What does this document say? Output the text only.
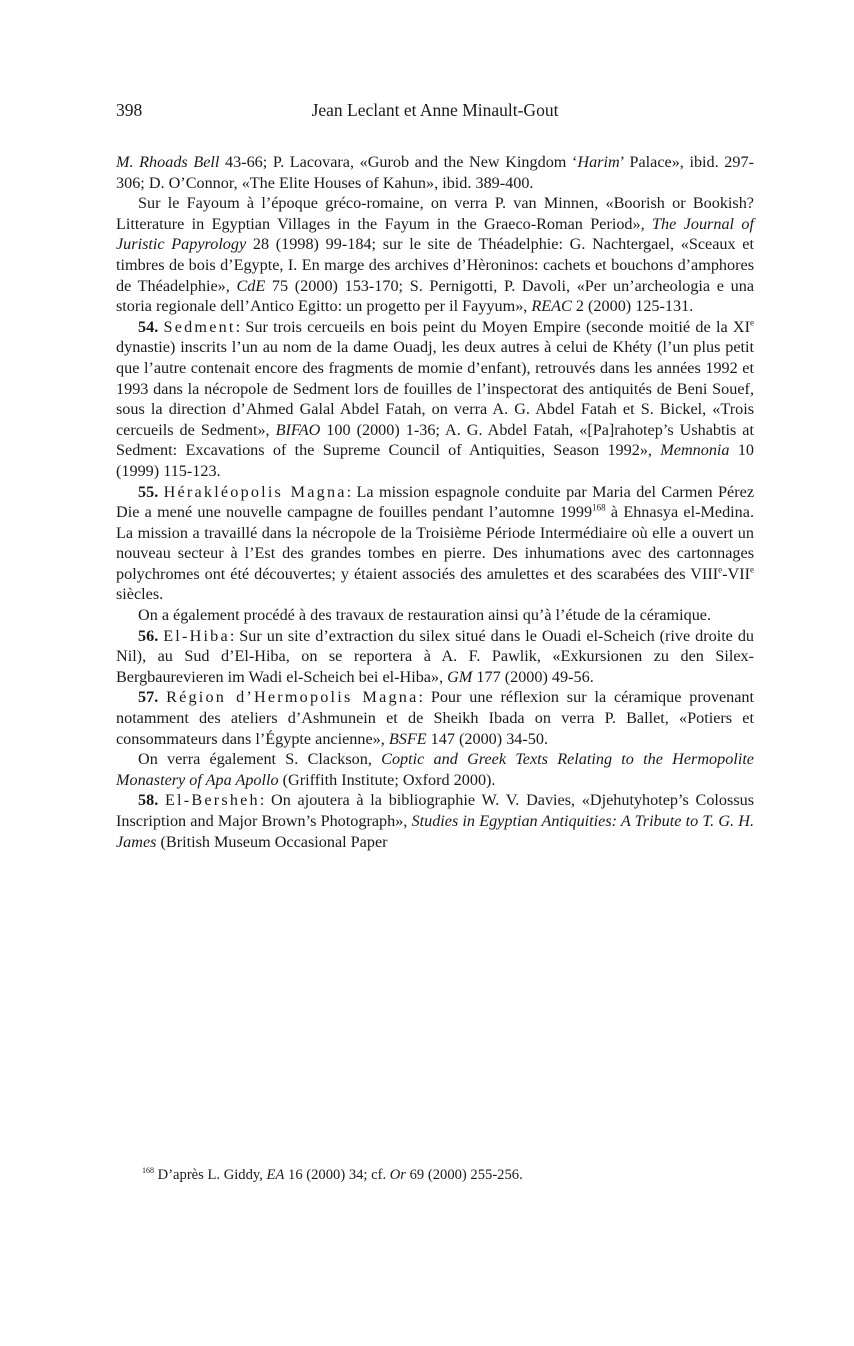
398	Jean Leclant et Anne Minault-Gout

M. Rhoads Bell 43-66; P. Lacovara, «Gurob and the New Kingdom ‘Harim’ Palace», ibid. 297-306; D. O’Connor, «The Elite Houses of Kahun», ibid. 389-400.

Sur le Fayoum à l’époque gréco-romaine, on verra P. van Minnen, «Boorish or Bookish? Litterature in Egyptian Villages in the Fayum in the Graeco-Roman Period», The Journal of Juristic Papyrology 28 (1998) 99-184; sur le site de Théadelphie: G. Nachtergael, «Sceaux et timbres de bois d’Egypte, I. En marge des archives d’Hèroninos: cachets et bouchons d’amphores de Théadelphie», CdE 75 (2000) 153-170; S. Pernigotti, P. Davoli, «Per un’archeologia e una storia regionale dell’Antico Egitto: un progetto per il Fayyum», REAC 2 (2000) 125-131.

54. Sedment: Sur trois cercueils en bois peint du Moyen Empire (seconde moitié de la XIe dynastie) inscrits l’un au nom de la dame Ouadj, les deux autres à celui de Khéty (l’un plus petit que l’autre contenait encore des fragments de momie d’enfant), retrouvés dans les années 1992 et 1993 dans la nécropole de Sedment lors de fouilles de l’inspectorat des antiquités de Beni Souef, sous la direction d’Ahmed Galal Abdel Fatah, on verra A. G. Abdel Fatah et S. Bickel, «Trois cercueils de Sedment», BIFAO 100 (2000) 1-36; A. G. Abdel Fatah, «[Pa]rahotep’s Ushabtis at Sedment: Excavations of the Supreme Council of Antiquities, Season 1992», Memnonia 10 (1999) 115-123.

55. Hérakléopolis Magna: La mission espagnole conduite par Maria del Carmen Pérez Die a mené une nouvelle campagne de fouilles pendant l’automne 1999$^{168}$ à Ehnasya el-Medina. La mission a travaillé dans la nécropole de la Troisième Période Intermédiaire où elle a ouvert un nouveau secteur à l’Est des grandes tombes en pierre. Des inhumations avec des cartonnages polychromes ont été découvertes; y étaient associés des amulettes et des scarabées des VIIIe-VIIe siècles.

On a également procédé à des travaux de restauration ainsi qu’à l’étude de la céramique.

56. El-Hiba: Sur un site d’extraction du silex situé dans le Ouadi el-Scheich (rive droite du Nil), au Sud d’El-Hiba, on se reportera à A. F. Pawlik, «Exkursionen zu den Silex-Bergbaurevieren im Wadi el-Scheich bei el-Hiba», GM 177 (2000) 49-56.

57. Région d’Hermopolis Magna: Pour une réflexion sur la céramique provenant notamment des ateliers d’Ashmunein et de Sheikh Ibada on verra P. Ballet, «Potiers et consommateurs dans l’Égypte ancienne», BSFE 147 (2000) 34-50.

On verra également S. Clackson, Coptic and Greek Texts Relating to the Hermopolite Monastery of Apa Apollo (Griffith Institute; Oxford 2000).

58. El-Bersheh: On ajoutera à la bibliographie W. V. Davies, «Djehutyhotep’s Colossus Inscription and Major Brown’s Photograph», Studies in Egyptian Antiquities: A Tribute to T. G. H. James (British Museum Occasional Paper

$^{168}$ D’après L. Giddy, EA 16 (2000) 34; cf. Or 69 (2000) 255-256.
